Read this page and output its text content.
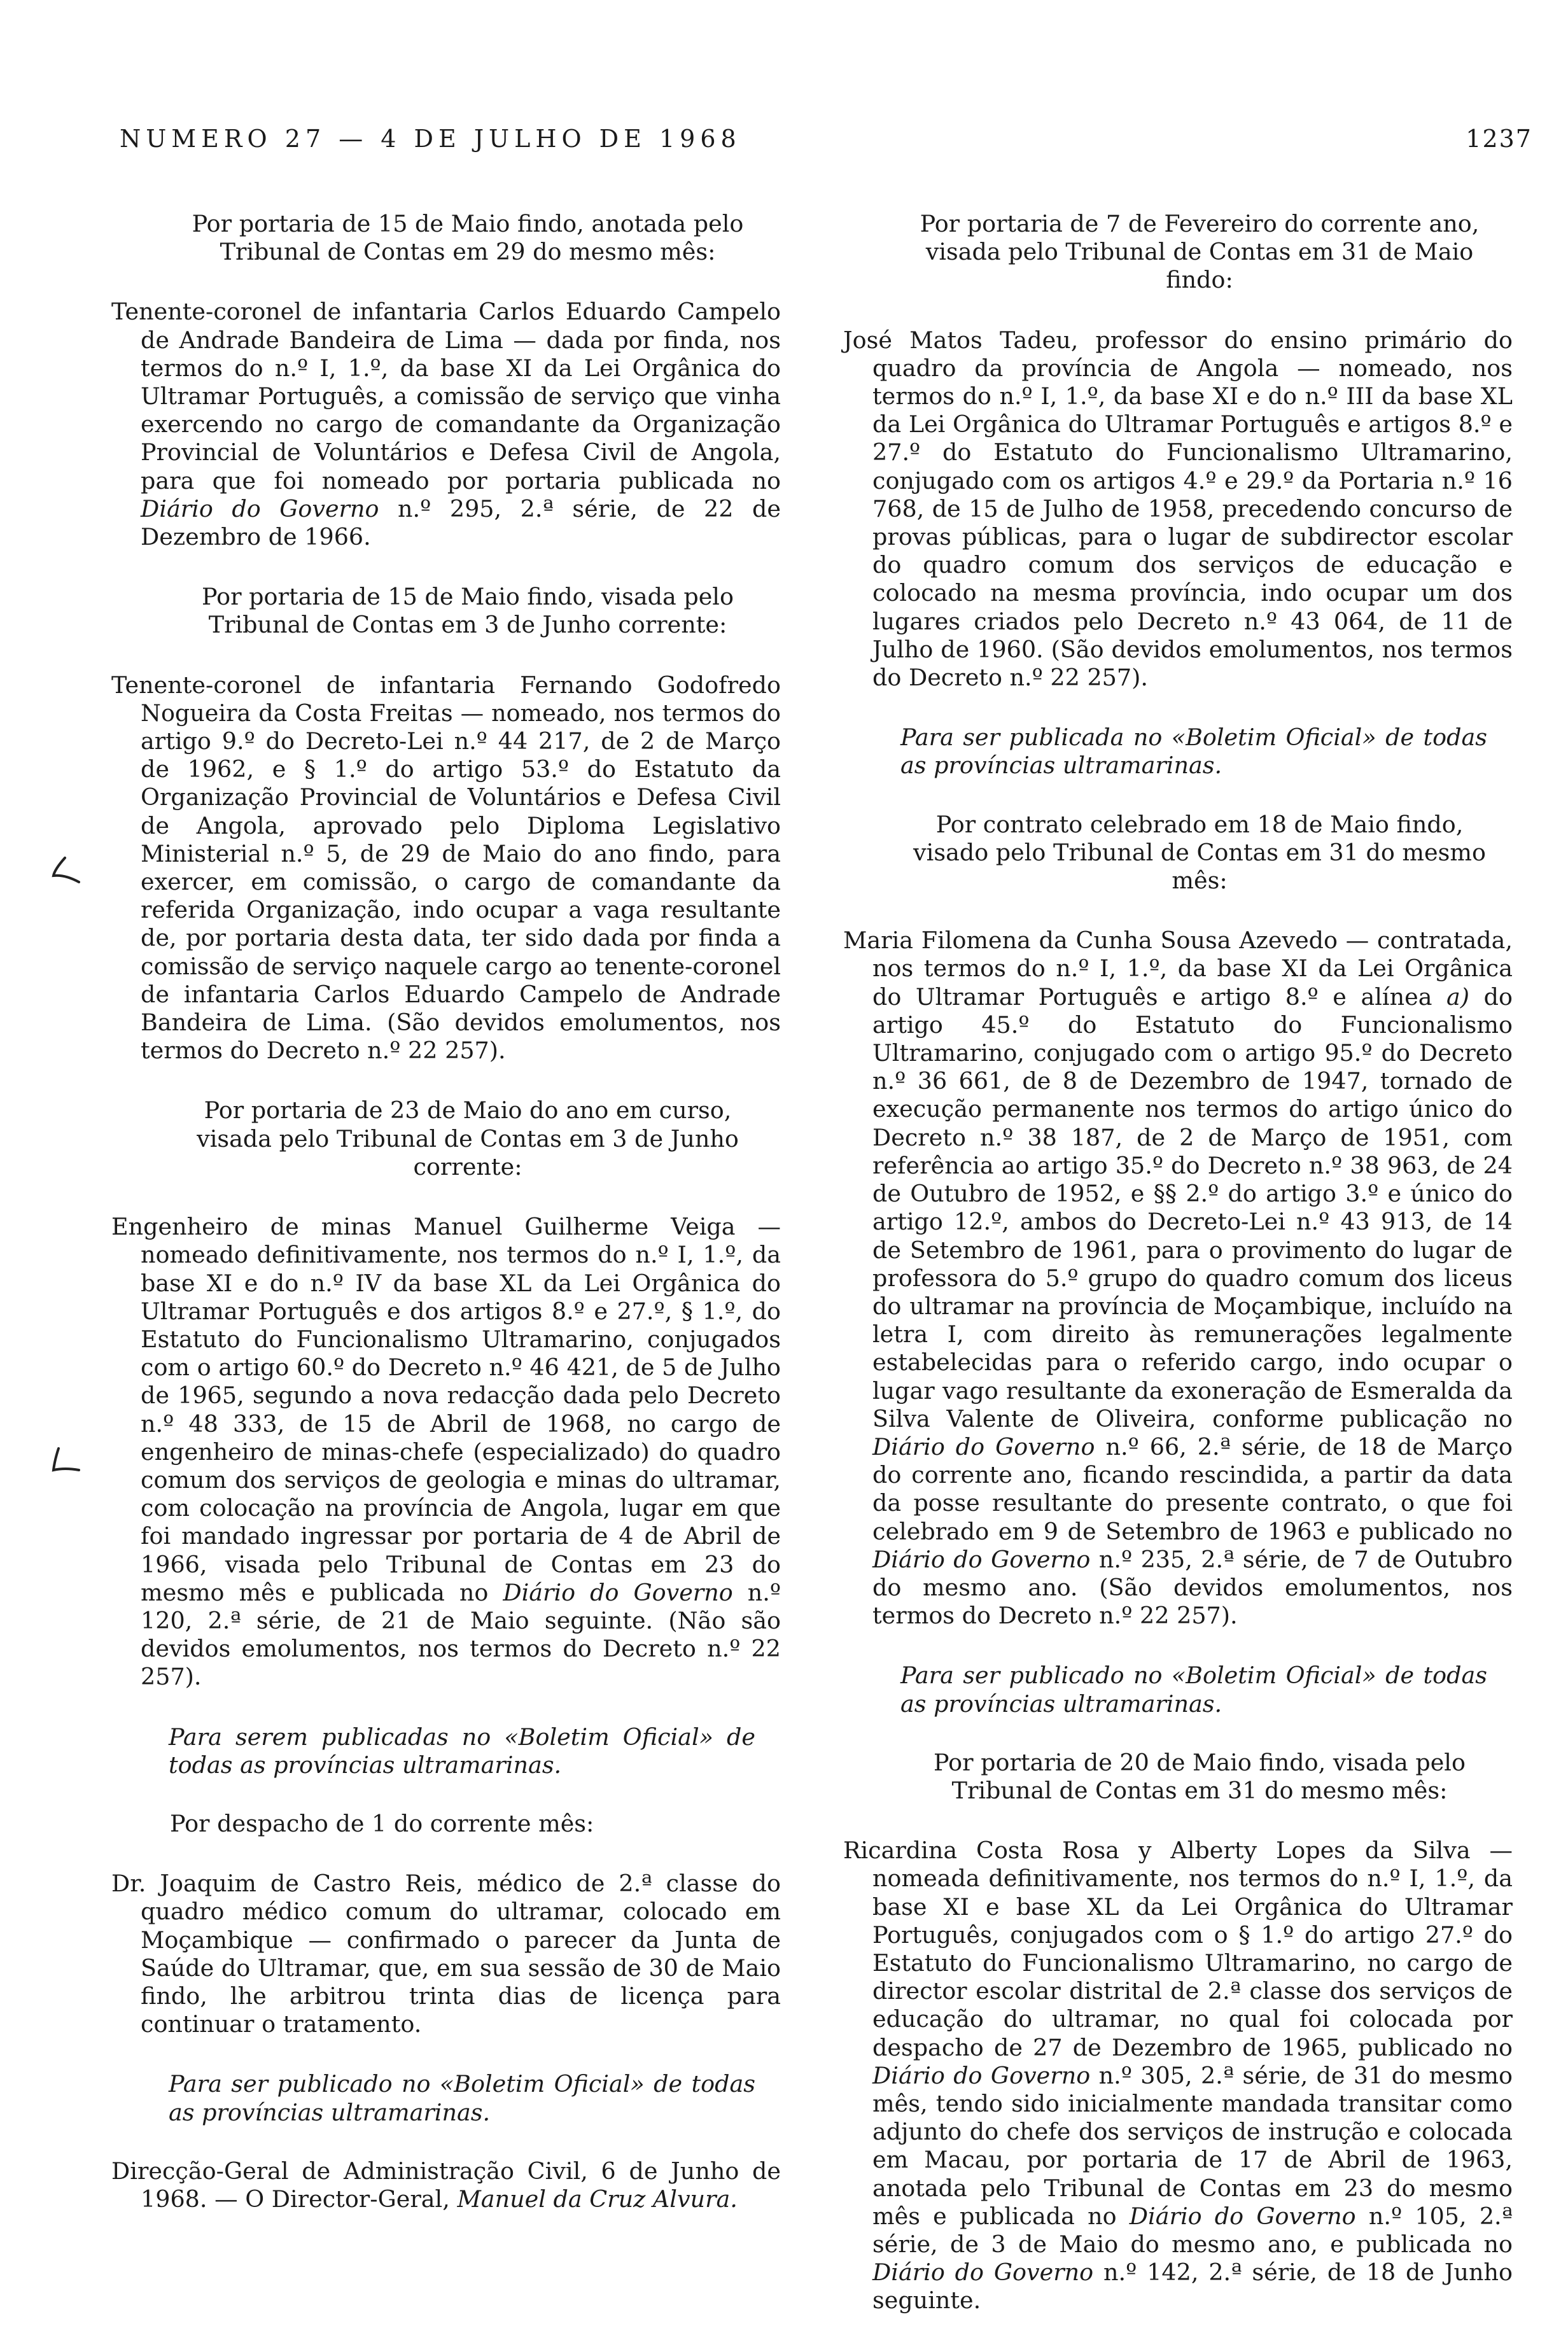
NUMERO 27 — 4 DE JULHO DE 1968	1237

Por portaria de 15 de Maio findo, anotada pelo Tribunal de Contas em 29 do mesmo mês:

Tenente-coronel de infantaria Carlos Eduardo Campelo de Andrade Bandeira de Lima — dada por finda, nos termos do n.º I, 1.º, da base XI da Lei Orgânica do Ultramar Português, a comissão de serviço que vinha exercendo no cargo de comandante da Organização Provincial de Voluntários e Defesa Civil de Angola, para que foi nomeado por portaria publicada no Diário do Governo n.º 295, 2.ª série, de 22 de Dezembro de 1966.

Por portaria de 15 de Maio findo, visada pelo Tribunal de Contas em 3 de Junho corrente:

Tenente-coronel de infantaria Fernando Godofredo Nogueira da Costa Freitas — nomeado, nos termos do artigo 9.º do Decreto-Lei n.º 44 217, de 2 de Março de 1962, e § 1.º do artigo 53.º do Estatuto da Organização Provincial de Voluntários e Defesa Civil de Angola, aprovado pelo Diploma Legislativo Ministerial n.º 5, de 29 de Maio do ano findo, para exercer, em comissão, o cargo de comandante da referida Organização, indo ocupar a vaga resultante de, por portaria desta data, ter sido dada por finda a comissão de serviço naquele cargo ao tenente-coronel de infantaria Carlos Eduardo Campelo de Andrade Bandeira de Lima. (São devidos emolumentos, nos termos do Decreto n.º 22 257).

Por portaria de 23 de Maio do ano em curso, visada pelo Tribunal de Contas em 3 de Junho corrente:

Engenheiro de minas Manuel Guilherme Veiga — nomeado definitivamente, nos termos do n.º I, 1.º, da base XI e do n.º IV da base XL da Lei Orgânica do Ultramar Português e dos artigos 8.º e 27.º, § 1.º, do Estatuto do Funcionalismo Ultramarino, conjugados com o artigo 60.º do Decreto n.º 46 421, de 5 de Julho de 1965, segundo a nova redacção dada pelo Decreto n.º 48 333, de 15 de Abril de 1968, no cargo de engenheiro de minas-chefe (especializado) do quadro comum dos serviços de geologia e minas do ultramar, com colocação na província de Angola, lugar em que foi mandado ingressar por portaria de 4 de Abril de 1966, visada pelo Tribunal de Contas em 23 do mesmo mês e publicada no Diário do Governo n.º 120, 2.ª série, de 21 de Maio seguinte. (Não são devidos emolumentos, nos termos do Decreto n.º 22 257).

Para serem publicadas no «Boletim Oficial» de todas as províncias ultramarinas.

Por despacho de 1 do corrente mês:

Dr. Joaquim de Castro Reis, médico de 2.ª classe do quadro médico comum do ultramar, colocado em Moçambique — confirmado o parecer da Junta de Saúde do Ultramar, que, em sua sessão de 30 de Maio findo, lhe arbitrou trinta dias de licença para continuar o tratamento.

Para ser publicado no «Boletim Oficial» de todas as províncias ultramarinas.

Direcção-Geral de Administração Civil, 6 de Junho de 1968. — O Director-Geral, Manuel da Cruz Alvura.

Por portaria de 7 de Fevereiro do corrente ano, visada pelo Tribunal de Contas em 31 de Maio findo:

José Matos Tadeu, professor do ensino primário do quadro da província de Angola — nomeado, nos termos do n.º I, 1.º, da base XI e do n.º III da base XL da Lei Orgânica do Ultramar Português e artigos 8.º e 27.º do Estatuto do Funcionalismo Ultramarino, conjugado com os artigos 4.º e 29.º da Portaria n.º 16 768, de 15 de Julho de 1958, precedendo concurso de provas públicas, para o lugar de subdirector escolar do quadro comum dos serviços de educação e colocado na mesma província, indo ocupar um dos lugares criados pelo Decreto n.º 43 064, de 11 de Julho de 1960. (São devidos emolumentos, nos termos do Decreto n.º 22 257).

Para ser publicada no «Boletim Oficial» de todas as províncias ultramarinas.

Por contrato celebrado em 18 de Maio findo, visado pelo Tribunal de Contas em 31 do mesmo mês:

Maria Filomena da Cunha Sousa Azevedo — contratada, nos termos do n.º I, 1.º, da base XI da Lei Orgânica do Ultramar Português e artigo 8.º e alínea a) do artigo 45.º do Estatuto do Funcionalismo Ultramarino, conjugado com o artigo 95.º do Decreto n.º 36 661, de 8 de Dezembro de 1947, tornado de execução permanente nos termos do artigo único do Decreto n.º 38 187, de 2 de Março de 1951, com referência ao artigo 35.º do Decreto n.º 38 963, de 24 de Outubro de 1952, e §§ 2.º do artigo 3.º e único do artigo 12.º, ambos do Decreto-Lei n.º 43 913, de 14 de Setembro de 1961, para o provimento do lugar de professora do 5.º grupo do quadro comum dos liceus do ultramar na província de Moçambique, incluído na letra I, com direito às remunerações legalmente estabelecidas para o referido cargo, indo ocupar o lugar vago resultante da exoneração de Esmeralda da Silva Valente de Oliveira, conforme publicação no Diário do Governo n.º 66, 2.ª série, de 18 de Março do corrente ano, ficando rescindida, a partir da data da posse resultante do presente contrato, o que foi celebrado em 9 de Setembro de 1963 e publicado no Diário do Governo n.º 235, 2.ª série, de 7 de Outubro do mesmo ano. (São devidos emolumentos, nos termos do Decreto n.º 22 257).

Para ser publicado no «Boletim Oficial» de todas as províncias ultramarinas.

Por portaria de 20 de Maio findo, visada pelo Tribunal de Contas em 31 do mesmo mês:

Ricardina Costa Rosa y Alberty Lopes da Silva — nomeada definitivamente, nos termos do n.º I, 1.º, da base XI e base XL da Lei Orgânica do Ultramar Português, conjugados com o § 1.º do artigo 27.º do Estatuto do Funcionalismo Ultramarino, no cargo de director escolar distrital de 2.ª classe dos serviços de educação do ultramar, no qual foi colocada por despacho de 27 de Dezembro de 1965, publicado no Diário do Governo n.º 305, 2.ª série, de 31 do mesmo mês, tendo sido inicialmente mandada transitar como adjunto do chefe dos serviços de instrução e colocada em Macau, por portaria de 17 de Abril de 1963, anotada pelo Tribunal de Contas em 23 do mesmo mês e publicada no Diário do Governo n.º 105, 2.ª série, de 3 de Maio do mesmo ano, e publicada no Diário do Governo n.º 142, 2.ª série, de 18 de Junho seguinte.
